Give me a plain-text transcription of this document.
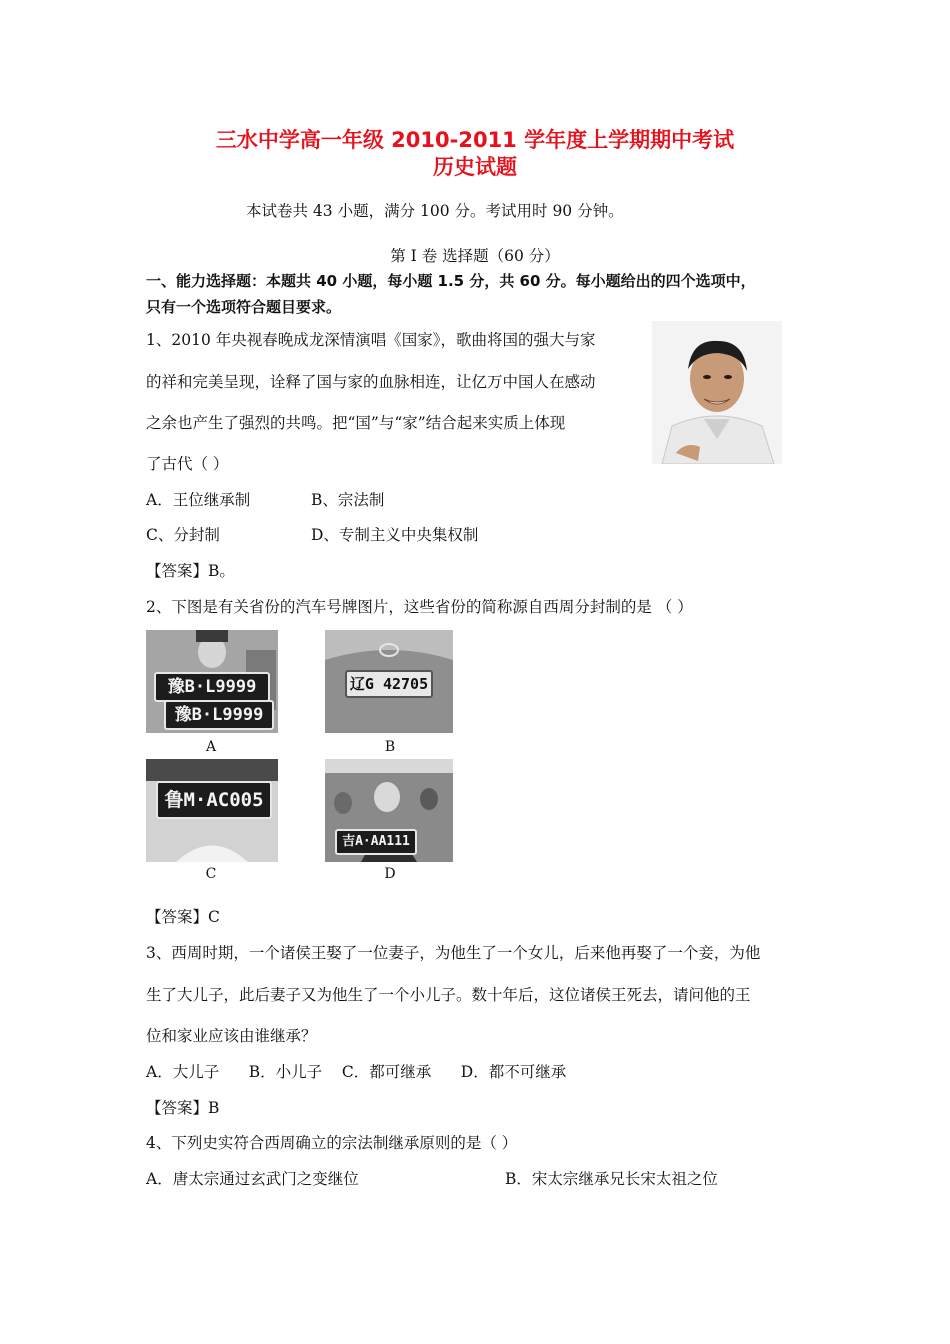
三水中学高一年级 2010-2011 学年度上学期期中考试
历史试题
本试卷共 43 小题，满分 100 分。考试用时 90 分钟。
第 I 卷 选择题（60 分）
一、能力选择题：本题共 40 小题，每小题 1.5 分，共 60 分。每小题给出的四个选项中，
只有一个选项符合题目要求。
1、2010 年央视春晚成龙深情演唱《国家》，歌曲将国的强大与家
的祥和完美呈现，诠释了国与家的血脉相连，让亿万中国人在感动
之余也产生了强烈的共鸣。把“国”与“家”结合起来实质上体现
了古代（ ）
A．王位继承制	B、宗法制
C、分封制	D、专制主义中央集权制
【答案】B。
2、下图是有关省份的汽车号牌图片，这些省份的简称源自西周分封制的是 （ ）
豫B·L9999
豫B·L9999
A
辽G 42705
B
鲁M·AC005
C
吉A·AA111
D
【答案】C
3、西周时期，一个诸侯王娶了一位妻子，为他生了一个女儿，后来他再娶了一个妾，为他
生了大儿子，此后妻子又为他生了一个小儿子。数十年后，这位诸侯王死去，请问他的王
位和家业应该由谁继承？
A．大儿子      B．小儿子    C．都可继承      D．都不可继承
【答案】B
4、下列史实符合西周确立的宗法制继承原则的是（ ）
A．唐太宗通过玄武门之变继位	B．宋太宗继承兄长宋太祖之位
